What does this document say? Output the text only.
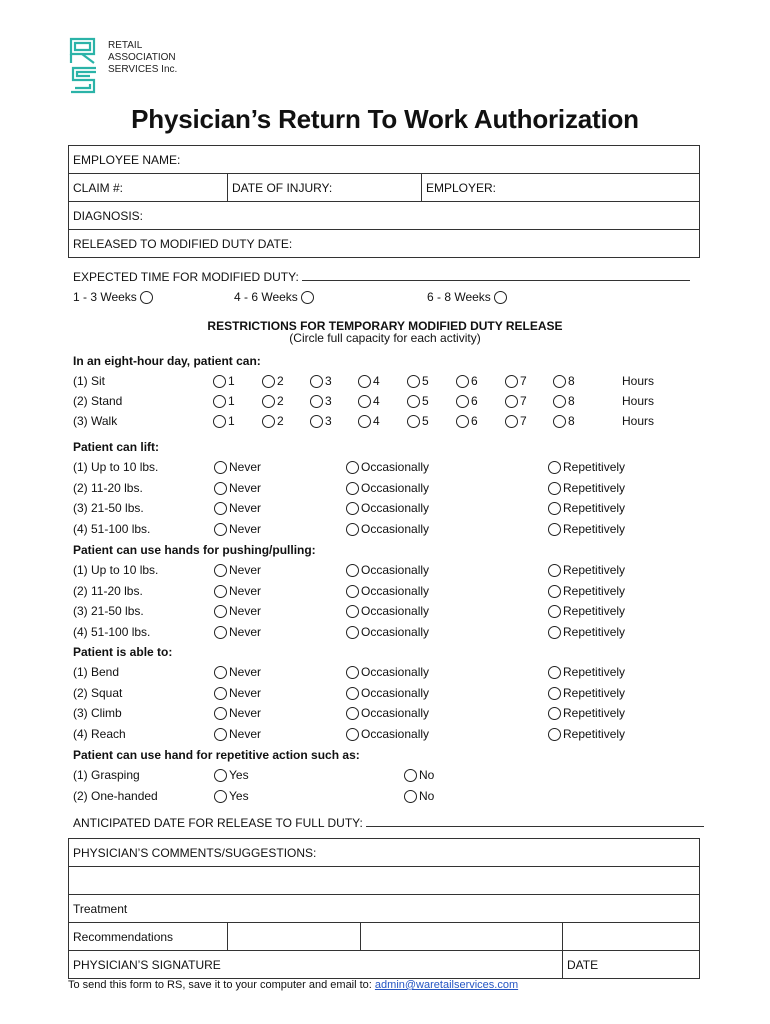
RETAIL
ASSOCIATION
SERVICES Inc.
Physician’s Return To Work Authorization
EMPLOYEE NAME:
CLAIM #:	DATE OF INJURY:	EMPLOYER:
DIAGNOSIS:
RELEASED TO MODIFIED DUTY DATE:
EXPECTED TIME FOR MODIFIED DUTY:
1 - 3 Weeks	4 - 6 Weeks	6 - 8 Weeks
RESTRICTIONS FOR TEMPORARY MODIFIED DUTY RELEASE
(Circle full capacity for each activity)
In an eight-hour day, patient can:
(1) Sit	1	2	3	4	5	6	7	8	Hours
(2) Stand	1	2	3	4	5	6	7	8	Hours
(3) Walk	1	2	3	4	5	6	7	8	Hours
Patient can lift:
(1) Up to 10 lbs.	Never	Occasionally	Repetitively
(2) 11-20 lbs.	Never	Occasionally	Repetitively
(3) 21-50 lbs.	Never	Occasionally	Repetitively
(4) 51-100 lbs.	Never	Occasionally	Repetitively
Patient can use hands for pushing/pulling:
(1) Up to 10 lbs.	Never	Occasionally	Repetitively
(2) 11-20 lbs.	Never	Occasionally	Repetitively
(3) 21-50 lbs.	Never	Occasionally	Repetitively
(4) 51-100 lbs.	Never	Occasionally	Repetitively
Patient is able to:
(1) Bend	Never	Occasionally	Repetitively
(2) Squat	Never	Occasionally	Repetitively
(3) Climb	Never	Occasionally	Repetitively
(4) Reach	Never	Occasionally	Repetitively
Patient can use hand for repetitive action such as:
(1) Grasping	Yes	No
(2) One-handed	Yes	No
ANTICIPATED DATE FOR RELEASE TO FULL DUTY:
PHYSICIAN’S COMMENTS/SUGGESTIONS:			

Treatment			
Recommendations			
PHYSICIAN’S SIGNATURE			DATE
To send this form to RS, save it to your computer and email to: admin@waretailservices.com
